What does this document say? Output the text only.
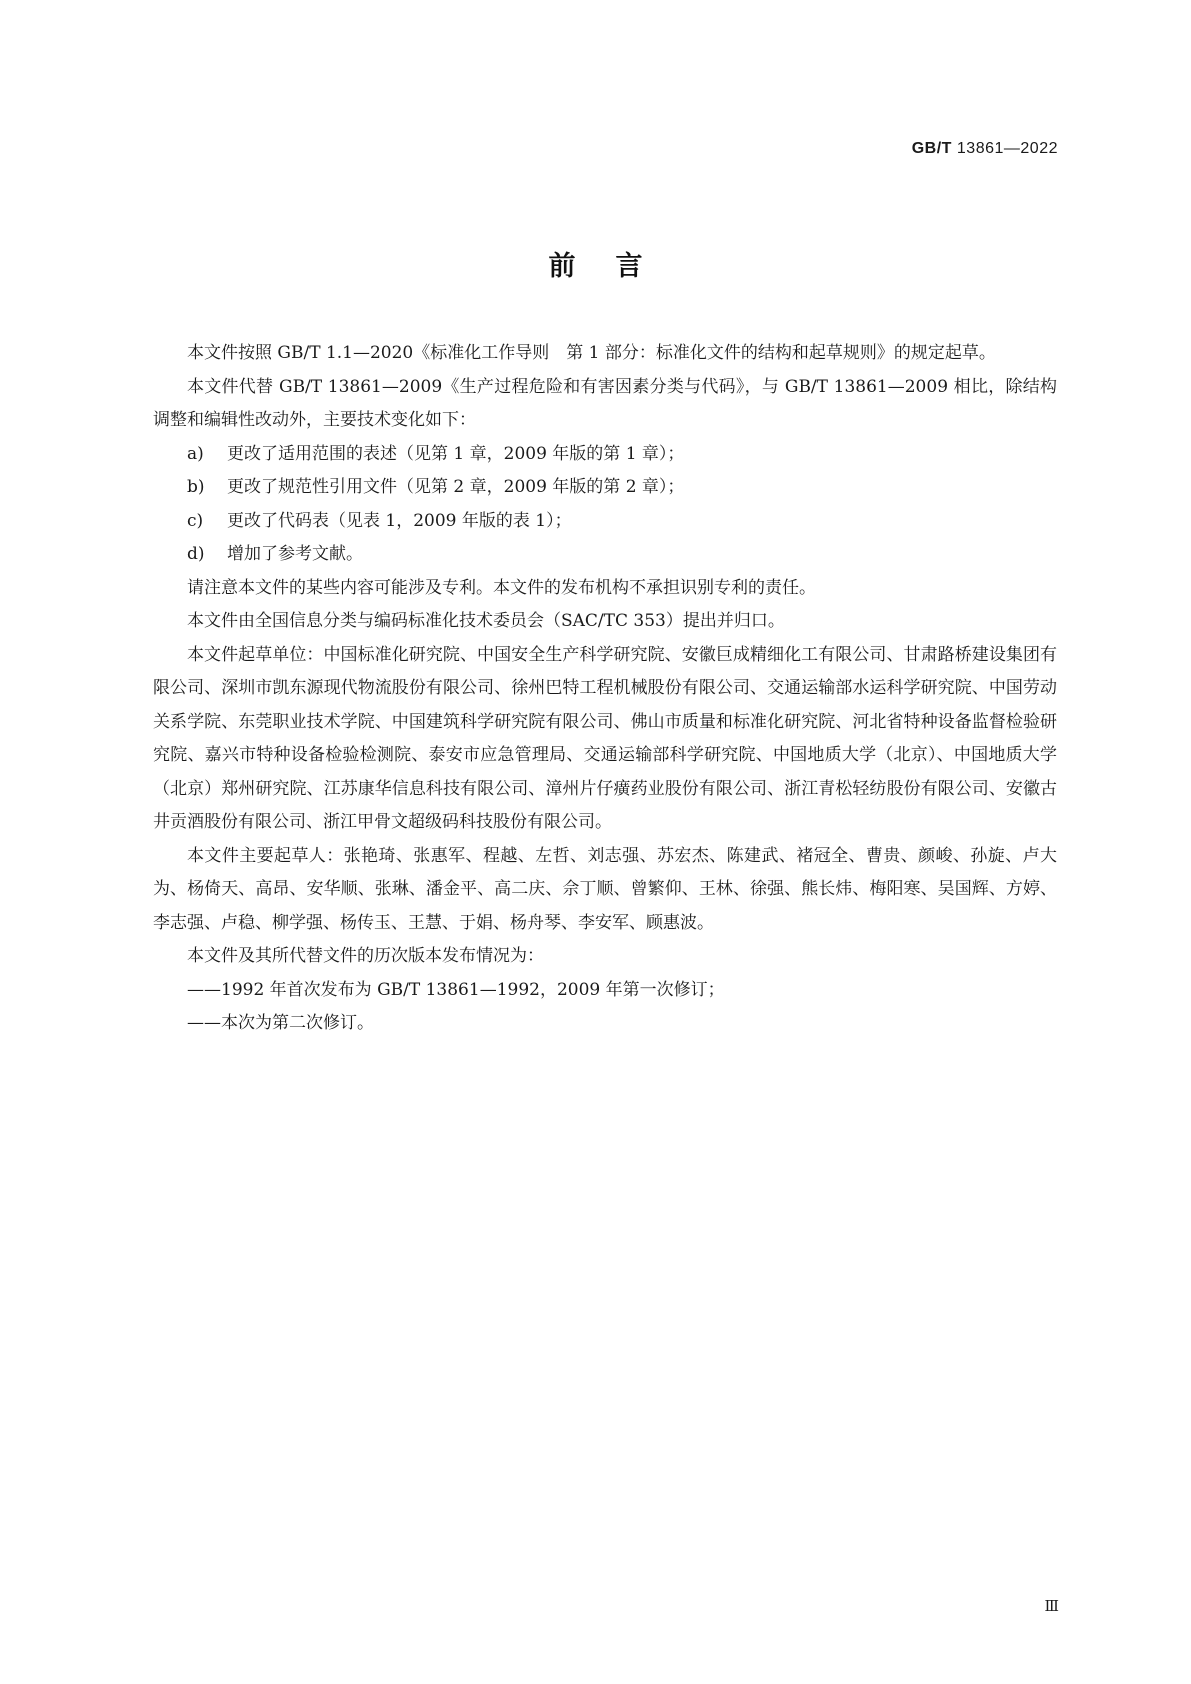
GB/T 13861—2022
前言

本文件按照 GB/T 1.1—2020《标准化工作导则　第 1 部分：标准化文件的结构和起草规则》的规定起草。

本文件代替 GB/T 13861—2009《生产过程危险和有害因素分类与代码》，与 GB/T 13861—2009 相比，除结构调整和编辑性改动外，主要技术变化如下：

a)	更改了适用范围的表述（见第 1 章，2009 年版的第 1 章）；
b)	更改了规范性引用文件（见第 2 章，2009 年版的第 2 章）；
c)	更改了代码表（见表 1，2009 年版的表 1）；
d)	增加了参考文献。

请注意本文件的某些内容可能涉及专利。本文件的发布机构不承担识别专利的责任。

本文件由全国信息分类与编码标准化技术委员会（SAC/TC 353）提出并归口。

本文件起草单位：中国标准化研究院、中国安全生产科学研究院、安徽巨成精细化工有限公司、甘肃路桥建设集团有限公司、深圳市凯东源现代物流股份有限公司、徐州巴特工程机械股份有限公司、交通运输部水运科学研究院、中国劳动关系学院、东莞职业技术学院、中国建筑科学研究院有限公司、佛山市质量和标准化研究院、河北省特种设备监督检验研究院、嘉兴市特种设备检验检测院、泰安市应急管理局、交通运输部科学研究院、中国地质大学（北京）、中国地质大学（北京）郑州研究院、江苏康华信息科技有限公司、漳州片仔癀药业股份有限公司、浙江青松轻纺股份有限公司、安徽古井贡酒股份有限公司、浙江甲骨文超级码科技股份有限公司。

本文件主要起草人：张艳琦、张惠军、程越、左哲、刘志强、苏宏杰、陈建武、褚冠全、曹贵、颜峻、孙旋、卢大为、杨倚天、高昂、安华顺、张琳、潘金平、高二庆、佘丁顺、曾繁仰、王林、徐强、熊长炜、梅阳寒、吴国辉、方婷、李志强、卢稳、柳学强、杨传玉、王慧、于娟、杨舟琴、李安军、顾惠波。

本文件及其所代替文件的历次版本发布情况为：

——1992 年首次发布为 GB/T 13861—1992，2009 年第一次修订；
——本次为第二次修订。
Ⅲ
